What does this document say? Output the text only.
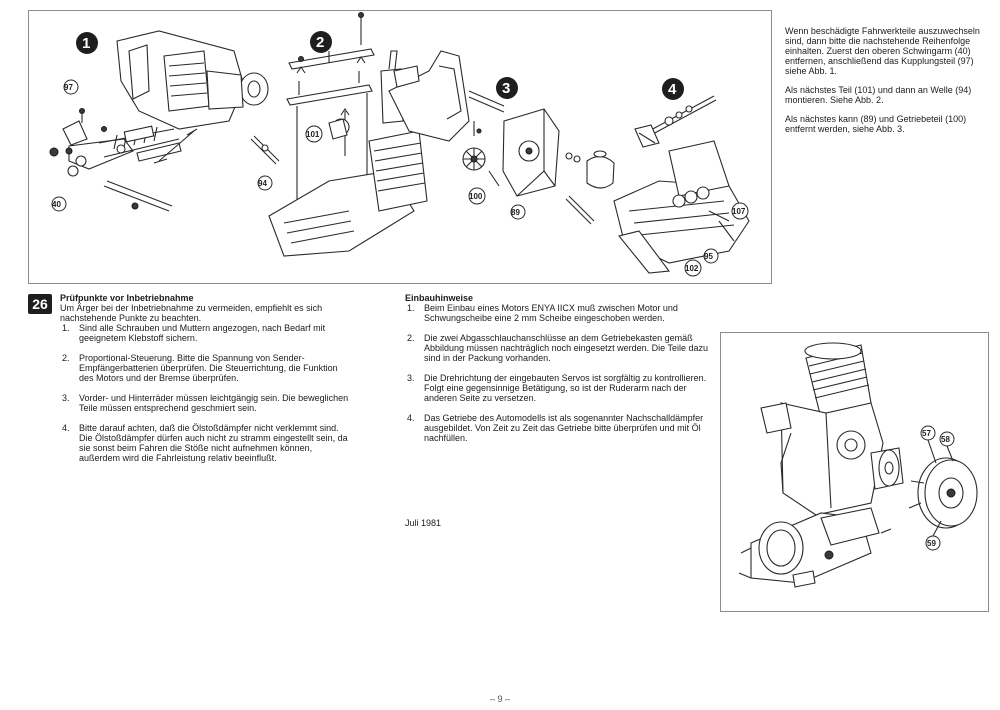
1	2
3	4
97
40
94
101
100
89	107
95
102

Wenn beschädigte Fahrwerkteile auszuwechseln sind, dann bitte die nachstehende Reihenfolge einhalten. Zuerst den oberen Schwingarm (40) entfernen, anschließend das Kupplungsteil (97) siehe Abb. 1.

Als nächstes Teil (101) und dann an Welle (94) montieren. Siehe Abb. 2.

Als nächstes kann (89) und Getriebeteil (100) entfernt werden, siehe Abb. 3.

26	Prüfpunkte vor Inbetriebnahme
Um Ärger bei der Inbetriebnahme zu vermeiden, empfiehlt es sich nachstehende Punkte zu beachten.
1. Sind alle Schrauben und Muttern angezogen, nach Bedarf mit geeignetem Klebstoff sichern.
2. Proportional-Steuerung. Bitte die Spannung von Sender-Empfängerbatterien überprüfen. Die Steuerrichtung, die Funktion des Motors und der Bremse überprüfen.
3. Vorder- und Hinterräder müssen leichtgängig sein. Die beweglichen Teile müssen entsprechend geschmiert sein.
4. Bitte darauf achten, daß die Ölstoßdämpfer nicht verklemmt sind. Die Ölstoßdämpfer dürfen auch nicht zu stramm eingestellt sein, da sie sonst beim Fahren die Stöße nicht aufnehmen können, außerdem wird die Fahrleistung relativ beeinflußt.
Einbauhinweise
1. Beim Einbau eines Motors ENYA IICX muß zwischen Motor und Schwungscheibe eine 2 mm Scheibe eingeschoben werden.
2. Die zwei Abgasschlauchanschlüsse an dem Getriebekasten gemäß Abbildung müssen nachträglich noch eingesetzt werden. Die Teile dazu sind in der Packung vorhanden.
3. Die Drehrichtung der eingebauten Servos ist sorgfältig zu kontrollieren. Folgt eine gegensinnige Betätigung, so ist der Ruderarm nach der anderen Seite zu versetzen.
4. Das Getriebe des Automodells ist als sogenannter Nachschalldämpfer ausgebildet. Von Zeit zu Zeit das Getriebe bitte überprüfen und mit Öl nachfüllen.
Juli 1981
57
58
59
– 9 –
